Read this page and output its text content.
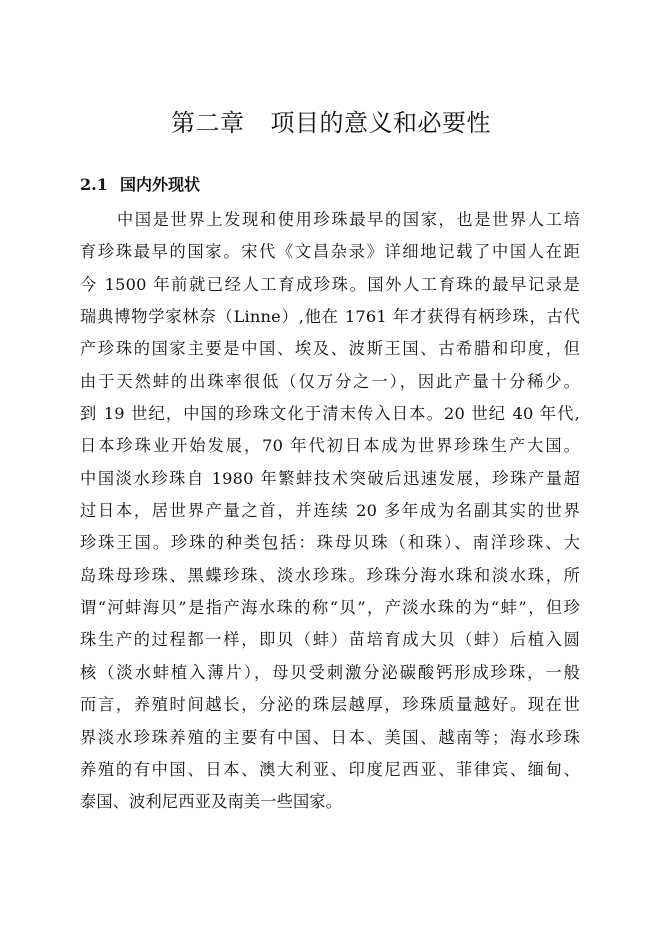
第二章 项目的意义和必要性
2.1 国内外现状
中国是世界上发现和使用珍珠最早的国家，也是世界人工培
育珍珠最早的国家。宋代《文昌杂录》详细地记载了中国人在距
今 1500 年前就已经人工育成珍珠。国外人工育珠的最早记录是
瑞典博物学家林奈（Linne）,他在 1761 年才获得有柄珍珠，古代
产珍珠的国家主要是中国、埃及、波斯王国、古希腊和印度，但
由于天然蚌的出珠率很低（仅万分之一），因此产量十分稀少。
到 19 世纪，中国的珍珠文化于清末传入日本。20 世纪 40 年代,
日本珍珠业开始发展，70 年代初日本成为世界珍珠生产大国。
中国淡水珍珠自 1980 年繁蚌技术突破后迅速发展，珍珠产量超
过日本，居世界产量之首，并连续 20 多年成为名副其实的世界
珍珠王国。珍珠的种类包括：珠母贝珠（和珠）、南洋珍珠、大
岛珠母珍珠、黑蝶珍珠、淡水珍珠。珍珠分海水珠和淡水珠，所
谓“河蚌海贝”是指产海水珠的称“贝”，产淡水珠的为“蚌”，但珍
珠生产的过程都一样，即贝（蚌）苗培育成大贝（蚌）后植入圆
核（淡水蚌植入薄片），母贝受刺激分泌碳酸钙形成珍珠，一般
而言，养殖时间越长，分泌的珠层越厚，珍珠质量越好。现在世
界淡水珍珠养殖的主要有中国、日本、美国、越南等；海水珍珠
养殖的有中国、日本、澳大利亚、印度尼西亚、菲律宾、缅甸、
泰国、波利尼西亚及南美一些国家。
